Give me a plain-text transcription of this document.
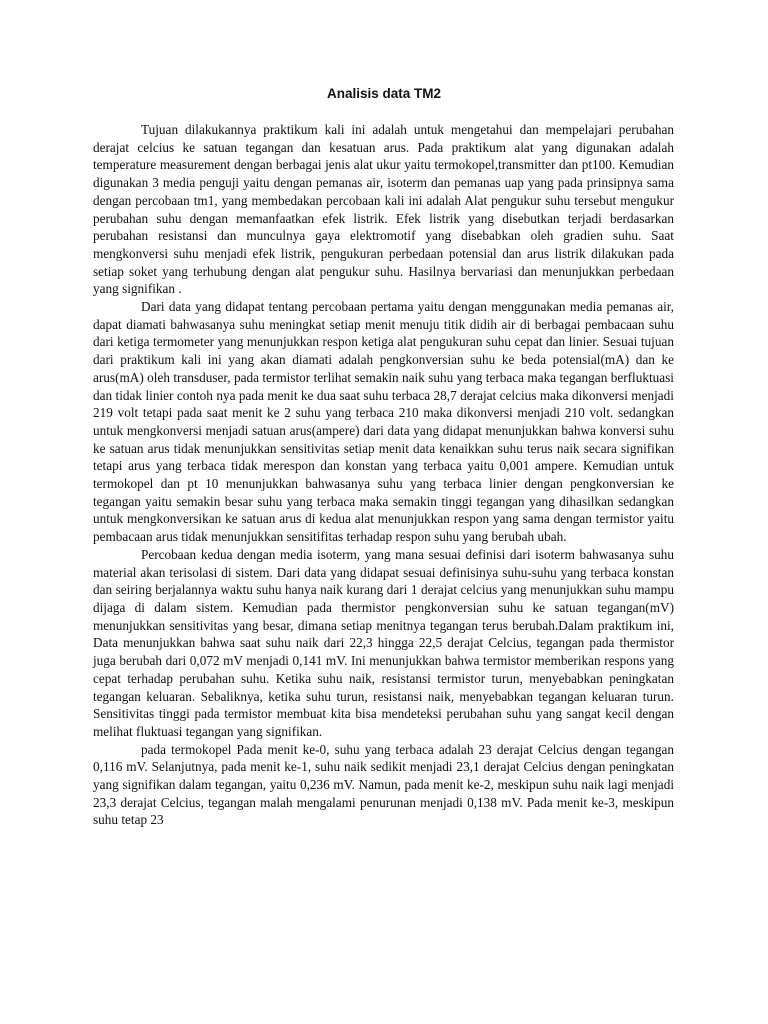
Analisis data TM2

Tujuan dilakukannya praktikum kali ini adalah untuk mengetahui dan mempelajari perubahan derajat celcius ke satuan tegangan dan kesatuan arus. Pada praktikum alat yang digunakan adalah temperature measurement dengan berbagai jenis alat ukur yaitu termokopel,transmitter dan pt100. Kemudian digunakan 3 media penguji yaitu dengan pemanas air, isoterm dan pemanas uap yang pada prinsipnya sama dengan percobaan tm1, yang membedakan percobaan kali ini adalah Alat pengukur suhu tersebut mengukur perubahan suhu dengan memanfaatkan efek listrik. Efek listrik yang disebutkan terjadi berdasarkan perubahan resistansi dan munculnya gaya elektromotif yang disebabkan oleh gradien suhu. Saat mengkonversi suhu menjadi efek listrik, pengukuran perbedaan potensial dan arus listrik dilakukan pada setiap soket yang terhubung dengan alat pengukur suhu. Hasilnya bervariasi dan menunjukkan perbedaan yang signifikan .

Dari data yang didapat tentang percobaan pertama yaitu dengan menggunakan media pemanas air, dapat diamati bahwasanya suhu meningkat setiap menit menuju titik didih air di berbagai pembacaan suhu dari ketiga termometer yang menunjukkan respon ketiga alat pengukuran suhu cepat dan linier. Sesuai tujuan dari praktikum kali ini yang akan diamati adalah pengkonversian suhu ke beda potensial(mA) dan ke arus(mA) oleh transduser, pada termistor terlihat semakin naik suhu yang terbaca maka tegangan berfluktuasi dan tidak linier contoh nya pada menit ke dua saat suhu terbaca 28,7 derajat celcius maka dikonversi menjadi 219 volt tetapi pada saat menit ke 2 suhu yang terbaca 210 maka dikonversi menjadi 210 volt. sedangkan untuk mengkonversi menjadi satuan arus(ampere) dari data yang didapat menunjukkan bahwa konversi suhu ke satuan arus tidak menunjukkan sensitivitas setiap menit data kenaikkan suhu terus naik secara signifikan tetapi arus yang terbaca tidak merespon dan konstan yang terbaca yaitu 0,001 ampere. Kemudian untuk termokopel dan pt 10 menunjukkan bahwasanya suhu yang terbaca linier dengan pengkonversian ke tegangan yaitu semakin besar suhu yang terbaca maka semakin tinggi tegangan yang dihasilkan sedangkan untuk mengkonversikan ke satuan arus di kedua alat menunjukkan respon yang sama dengan termistor yaitu pembacaan arus tidak menunjukkan sensitifitas terhadap respon suhu yang berubah ubah.

Percobaan kedua dengan media isoterm, yang mana sesuai definisi dari isoterm bahwasanya suhu material akan terisolasi di sistem. Dari data yang didapat sesuai definisinya suhu-suhu yang terbaca konstan dan seiring berjalannya waktu suhu hanya naik kurang dari 1 derajat celcius yang menunjukkan suhu mampu dijaga di dalam sistem. Kemudian pada thermistor pengkonversian suhu ke satuan tegangan(mV) menunjukkan sensitivitas yang besar, dimana setiap menitnya tegangan terus berubah.Dalam praktikum ini, Data menunjukkan bahwa saat suhu naik dari 22,3 hingga 22,5 derajat Celcius, tegangan pada thermistor juga berubah dari 0,072 mV menjadi 0,141 mV. Ini menunjukkan bahwa termistor memberikan respons yang cepat terhadap perubahan suhu. Ketika suhu naik, resistansi termistor turun, menyebabkan peningkatan tegangan keluaran. Sebaliknya, ketika suhu turun, resistansi naik, menyebabkan tegangan keluaran turun. Sensitivitas tinggi pada termistor membuat kita bisa mendeteksi perubahan suhu yang sangat kecil dengan melihat fluktuasi tegangan yang signifikan.

pada termokopel Pada menit ke-0, suhu yang terbaca adalah 23 derajat Celcius dengan tegangan 0,116 mV. Selanjutnya, pada menit ke-1, suhu naik sedikit menjadi 23,1 derajat Celcius dengan peningkatan yang signifikan dalam tegangan, yaitu 0,236 mV. Namun, pada menit ke-2, meskipun suhu naik lagi menjadi 23,3 derajat Celcius, tegangan malah mengalami penurunan menjadi 0,138 mV. Pada menit ke-3, meskipun suhu tetap 23
